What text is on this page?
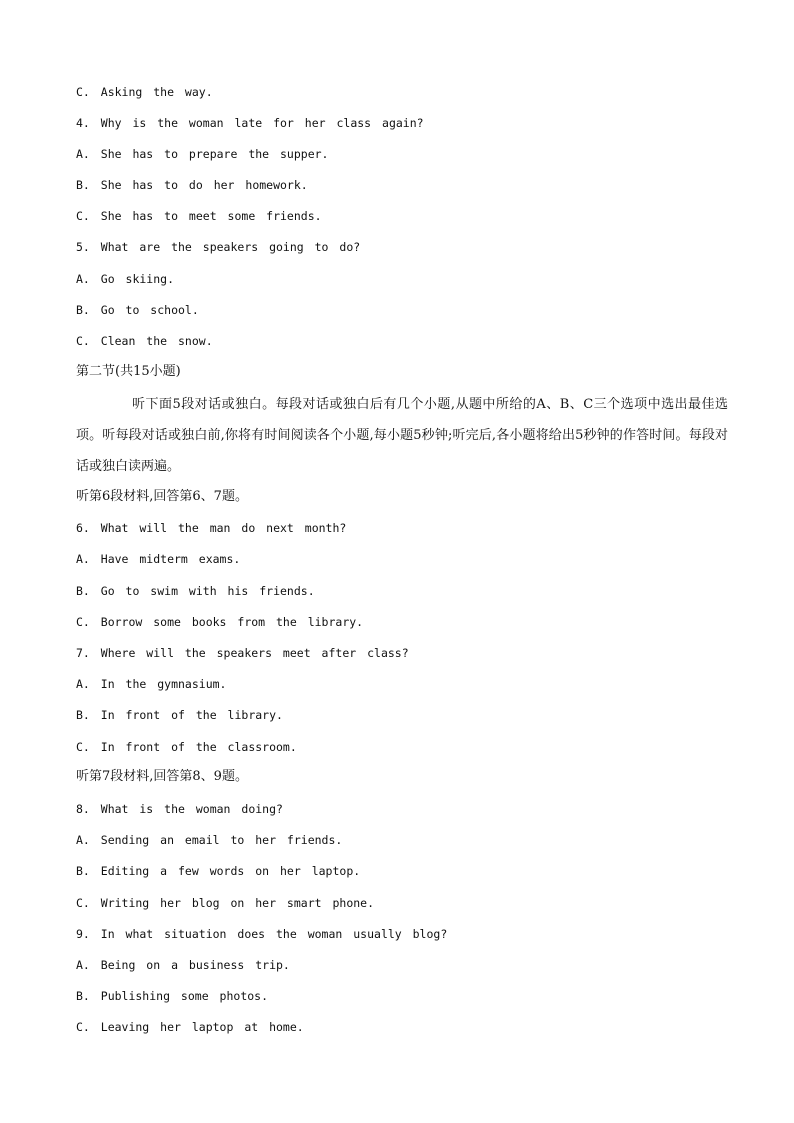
C. Asking the way.
4. Why is the woman late for her class again?
A. She has to prepare the supper.
B. She has to do her homework.
C. She has to meet some friends.
5. What are the speakers going to do?
A. Go skiing.
B. Go to school.
C. Clean the snow.
第二节(共15小题)
听下面5段对话或独白。每段对话或独白后有几个小题,从题中所给的A、B、C三个选项中选出最佳选项。听每段对话或独白前,你将有时间阅读各个小题,每小题5秒钟;听完后,各小题将给出5秒钟的作答时间。每段对话或独白读两遍。
听第6段材料,回答第6、7题。
6. What will the man do next month?
A. Have midterm exams.
B. Go to swim with his friends.
C. Borrow some books from the library.
7. Where will the speakers meet after class?
A. In the gymnasium.
B. In front of the library.
C. In front of the classroom.
听第7段材料,回答第8、9题。
8. What is the woman doing?
A. Sending an email to her friends.
B. Editing a few words on her laptop.
C. Writing her blog on her smart phone.
9. In what situation does the woman usually blog?
A. Being on a business trip.
B. Publishing some photos.
C. Leaving her laptop at home.
